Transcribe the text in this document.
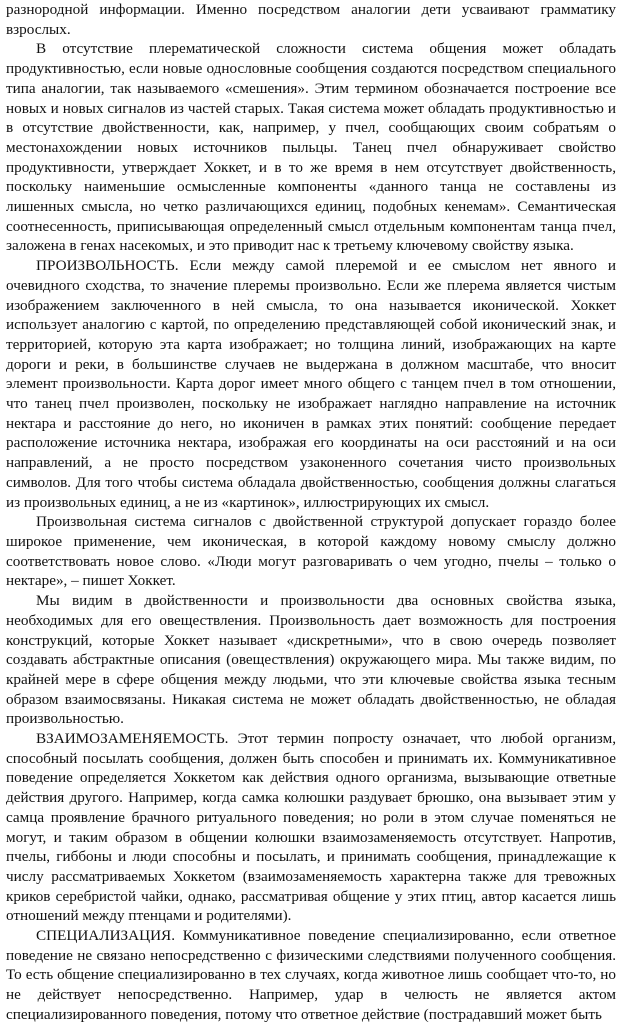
разнородной информации. Именно посредством аналогии дети усваивают грамматику взрослых.

В отсутствие плерематической сложности система общения может обладать продуктивностью, если новые однословные сообщения создаются посредством специального типа аналогии, так называемого «смешения». Этим термином обозначается построение все новых и новых сигналов из частей старых. Такая система может обладать продуктивностью и в отсутствие двойственности, как, например, у пчел, сообщающих своим собратьям о местонахождении новых источников пыльцы. Танец пчел обнаруживает свойство продуктивности, утверждает Хоккет, и в то же время в нем отсутствует двойственность, поскольку наименьшие осмысленные компоненты «данного танца не составлены из лишенных смысла, но четко различающихся единиц, подобных кенемам». Семантическая соотнесенность, приписывающая определенный смысл отдельным компонентам танца пчел, заложена в генах насекомых, и это приводит нас к третьему ключевому свойству языка.

ПРОИЗВОЛЬНОСТЬ. Если между самой плеремой и ее смыслом нет явного и очевидного сходства, то значение плеремы произвольно. Если же плерема является чистым изображением заключенного в ней смысла, то она называется иконической. Хоккет использует аналогию с картой, по определению представляющей собой иконический знак, и территорией, которую эта карта изображает; но толщина линий, изображающих на карте дороги и реки, в большинстве случаев не выдержана в должном масштабе, что вносит элемент произвольности. Карта дорог имеет много общего с танцем пчел в том отношении, что танец пчел произволен, поскольку не изображает наглядно направление на источник нектара и расстояние до него, но иконичен в рамках этих понятий: сообщение передает расположение источника нектара, изображая его координаты на оси расстояний и на оси направлений, а не просто посредством узаконенного сочетания чисто произвольных символов. Для того чтобы система обладала двойственностью, сообщения должны слагаться из произвольных единиц, а не из «картинок», иллюстрирующих их смысл.

Произвольная система сигналов с двойственной структурой допускает гораздо более широкое применение, чем иконическая, в которой каждому новому смыслу должно соответствовать новое слово. «Люди могут разговаривать о чем угодно, пчелы – только о нектаре», – пишет Хоккет.

Мы видим в двойственности и произвольности два основных свойства языка, необходимых для его овеществления. Произвольность дает возможность для построения конструкций, которые Хоккет называет «дискретными», что в свою очередь позволяет создавать абстрактные описания (овеществления) окружающего мира. Мы также видим, по крайней мере в сфере общения между людьми, что эти ключевые свойства языка тесным образом взаимосвязаны. Никакая система не может обладать двойственностью, не обладая произвольностью.

ВЗАИМОЗАМЕНЯЕМОСТЬ. Этот термин попросту означает, что любой организм, способный посылать сообщения, должен быть способен и принимать их. Коммуникативное поведение определяется Хоккетом как действия одного организма, вызывающие ответные действия другого. Например, когда самка колюшки раздувает брюшко, она вызывает этим у самца проявление брачного ритуального поведения; но роли в этом случае поменяться не могут, и таким образом в общении колюшки взаимозаменяемость отсутствует. Напротив, пчелы, гиббоны и люди способны и посылать, и принимать сообщения, принадлежащие к числу рассматриваемых Хоккетом (взаимозаменяемость характерна также для тревожных криков серебристой чайки, однако, рассматривая общение у этих птиц, автор касается лишь отношений между птенцами и родителями).

СПЕЦИАЛИЗАЦИЯ. Коммуникативное поведение специализированно, если ответное поведение не связано непосредственно с физическими следствиями полученного сообщения. То есть общение специализированно в тех случаях, когда животное лишь сообщает что-то, но не действует непосредственно. Например, удар в челюсть не является актом специализированного поведения, потому что ответное действие (пострадавший может быть
